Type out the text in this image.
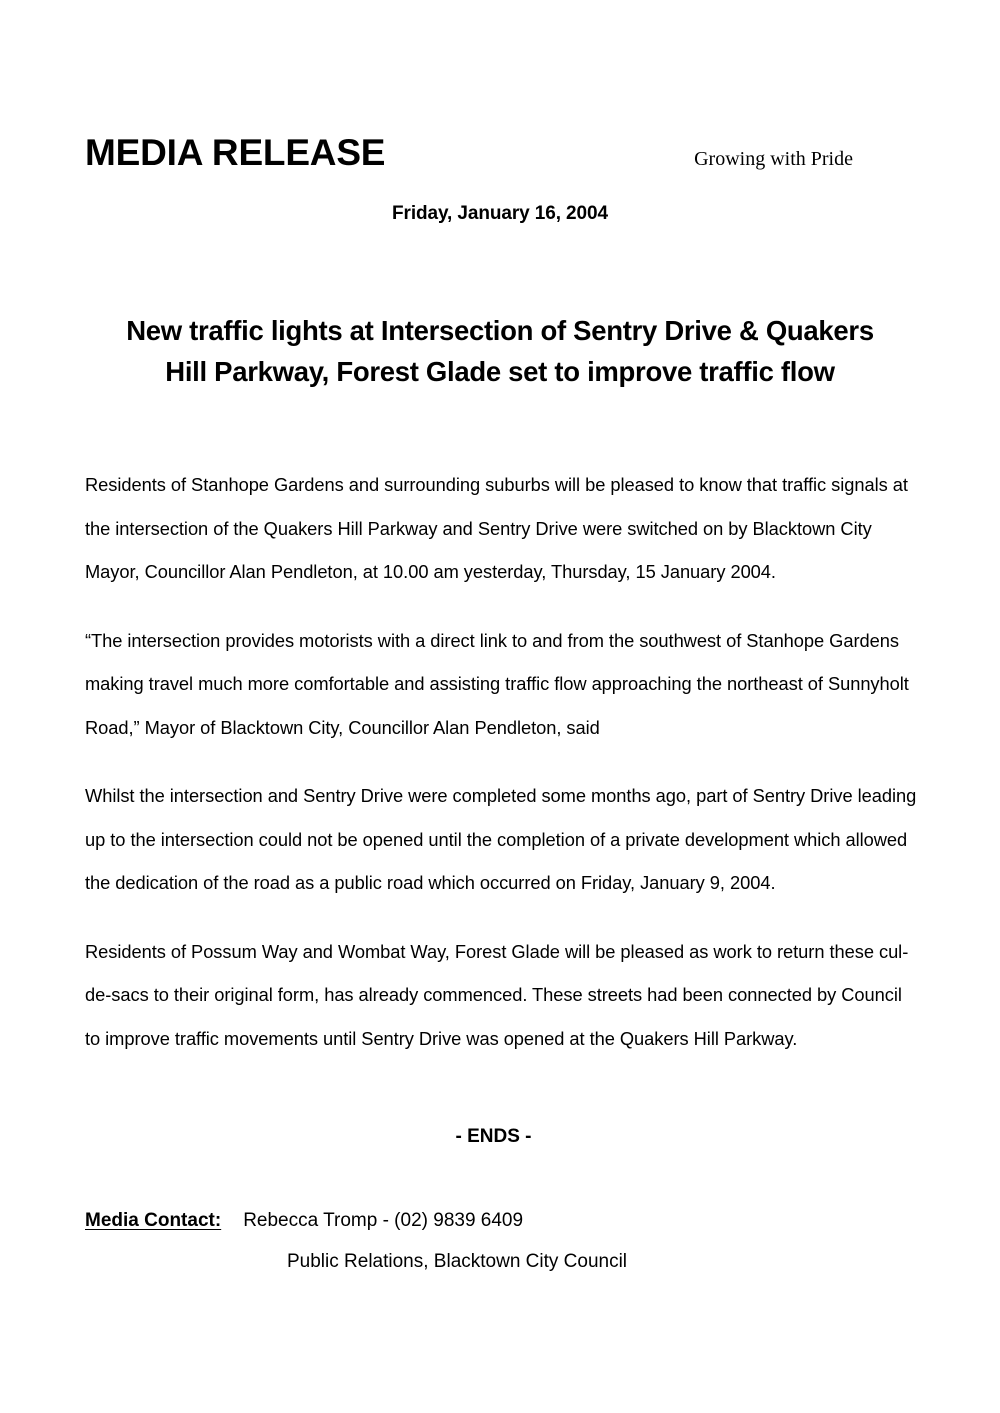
MEDIA RELEASE	Growing with Pride
Friday, January 16, 2004
New traffic lights at Intersection of Sentry Drive & Quakers Hill Parkway, Forest Glade set to improve traffic flow

Residents of Stanhope Gardens and surrounding suburbs will be pleased to know that traffic signals at the intersection of the Quakers Hill Parkway and Sentry Drive were switched on by Blacktown City Mayor, Councillor Alan Pendleton, at 10.00 am yesterday, Thursday, 15 January 2004.

“The intersection provides motorists with a direct link to and from the southwest of Stanhope Gardens making travel much more comfortable and assisting traffic flow approaching the northeast of Sunnyholt Road,” Mayor of Blacktown City, Councillor Alan Pendleton, said

Whilst the intersection and Sentry Drive were completed some months ago, part of Sentry Drive leading up to the intersection could not be opened until the completion of a private development which allowed the dedication of the road as a public road which occurred on Friday, January 9, 2004.

Residents of Possum Way and Wombat Way, Forest Glade will be pleased as work to return these cul-de-sacs to their original form, has already commenced. These streets had been connected by Council to improve traffic movements until Sentry Drive was opened at the Quakers Hill Parkway.

- ENDS -
Media Contact: Rebecca Tromp - (02) 9839 6409
Public Relations, Blacktown City Council
